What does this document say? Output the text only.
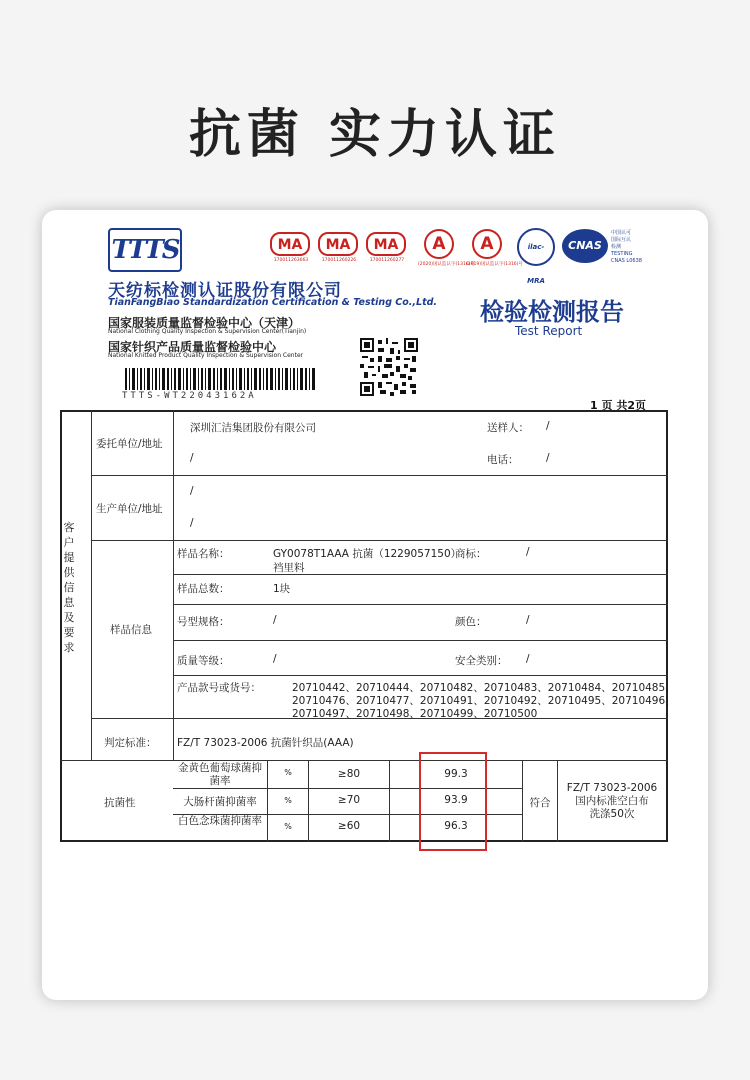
抗菌 实力认证
TTTS
天纺标检测认证股份有限公司
TianFangBiao Standardization Certification & Testing Co.,Ltd.
国家服装质量监督检验中心（天津）
National Clothing Quality Inspection & Supervision Center(Tianjin)
国家针织产品质量监督检验中心
National Knitted Product Quality Inspection & Supervision Center
TTTS-WT22043162A
MA
170011263663
MA
170011260226
MA
170011260277
A
(2020)国认监认字(1316)号
A
(2019)国认监认字(1316)号
ilac-MRA
CNAS
中国认可
国际互认
检测
TESTING
CNAS L0638
检验检测报告
Test Report
1 页 共2页
客户提供信息及要求
委托单位/地址
深圳汇洁集团股份有限公司
/
送样人： /
电话：	/
生产单位/地址
/
/
样品信息
样品名称：	GY0078T1AAA 抗菌（1229057150）
裆里料
商标：	/
样品总数：	1块
号型规格：	/	颜色：	/
质量等级：	/	安全类别： /
产品款号或货号：	20710442、20710444、20710482、20710483、20710484、20710485、
20710476、20710477、20710491、20710492、20710495、20710496、
20710497、20710498、20710499、20710500
判定标准： FZ/T 73023-2006 抗菌针织品(AAA)
抗菌性
金黄色葡萄球菌抑菌率
%	≥80	99.3
大肠杆菌抑菌率	%	≥70	93.9
白色念珠菌抑菌率	%	≥60	96.3
符合
FZ/T 73023-2006
国内标准空白布
洗涤50次
